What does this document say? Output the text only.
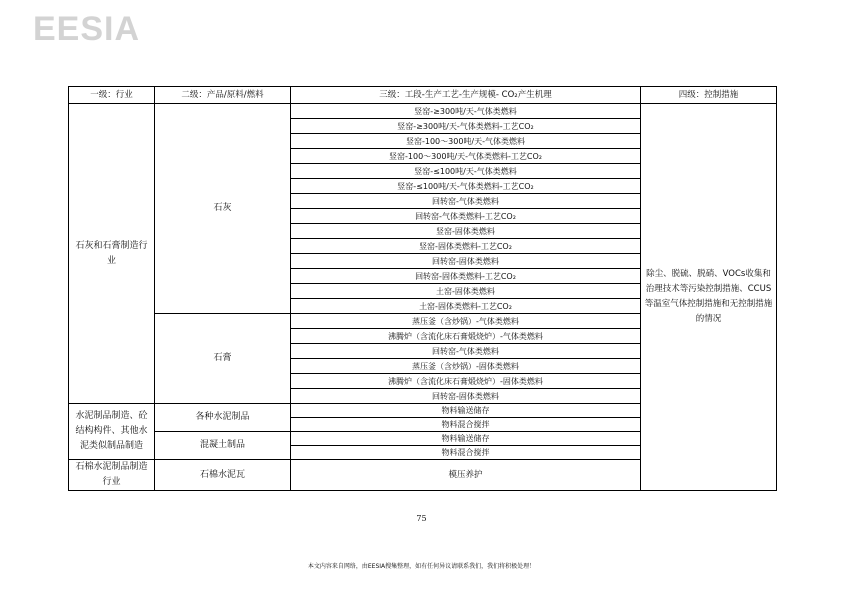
EESIA
一级：行业	二级：产品/原料/燃料	三级：工段-生产工艺-生产规模- CO₂产生机理	四级：控制措施
石灰和石膏制造行业	石灰	竖窑-≥300吨/天-气体类燃料	除尘、脱硫、脱硝、VOCs收集和治理技术等污染控制措施、CCUS等温室气体控制措施和无控制措施的情况
		竖窑-≥300吨/天-气体类燃料-工艺CO₂	
		竖窑-100～300吨/天-气体类燃料	
		竖窑-100～300吨/天-气体类燃料-工艺CO₂	
		竖窑-≤100吨/天-气体类燃料	
		竖窑-≤100吨/天-气体类燃料-工艺CO₂	
		回转窑-气体类燃料	
		回转窑-气体类燃料-工艺CO₂	
		竖窑-固体类燃料	
		竖窑-固体类燃料-工艺CO₂	
		回转窑-固体类燃料	
		回转窑-固体类燃料-工艺CO₂	
		土窑-固体类燃料	
		土窑-固体类燃料-工艺CO₂	
	石膏	蒸压釜（含炒锅）-气体类燃料	
		沸腾炉（含流化床石膏煅烧炉）-气体类燃料	
		回转窑-气体类燃料	
		蒸压釜（含炒锅）-固体类燃料	
		沸腾炉（含流化床石膏煅烧炉）-固体类燃料	
		回转窑-固体类燃料	
水泥制品制造、砼结构构件、其他水泥类似制品制造	各种水泥制品	物料输送储存	
		物料混合搅拌	
	混凝土制品	物料输送储存	
		物料混合搅拌	
石棉水泥制品制造行业	石棉水泥瓦	模压养护	
75
本文内容来自网络，由EESIA搜集整理，如有任何异议请联系我们，我们将积极处理！
